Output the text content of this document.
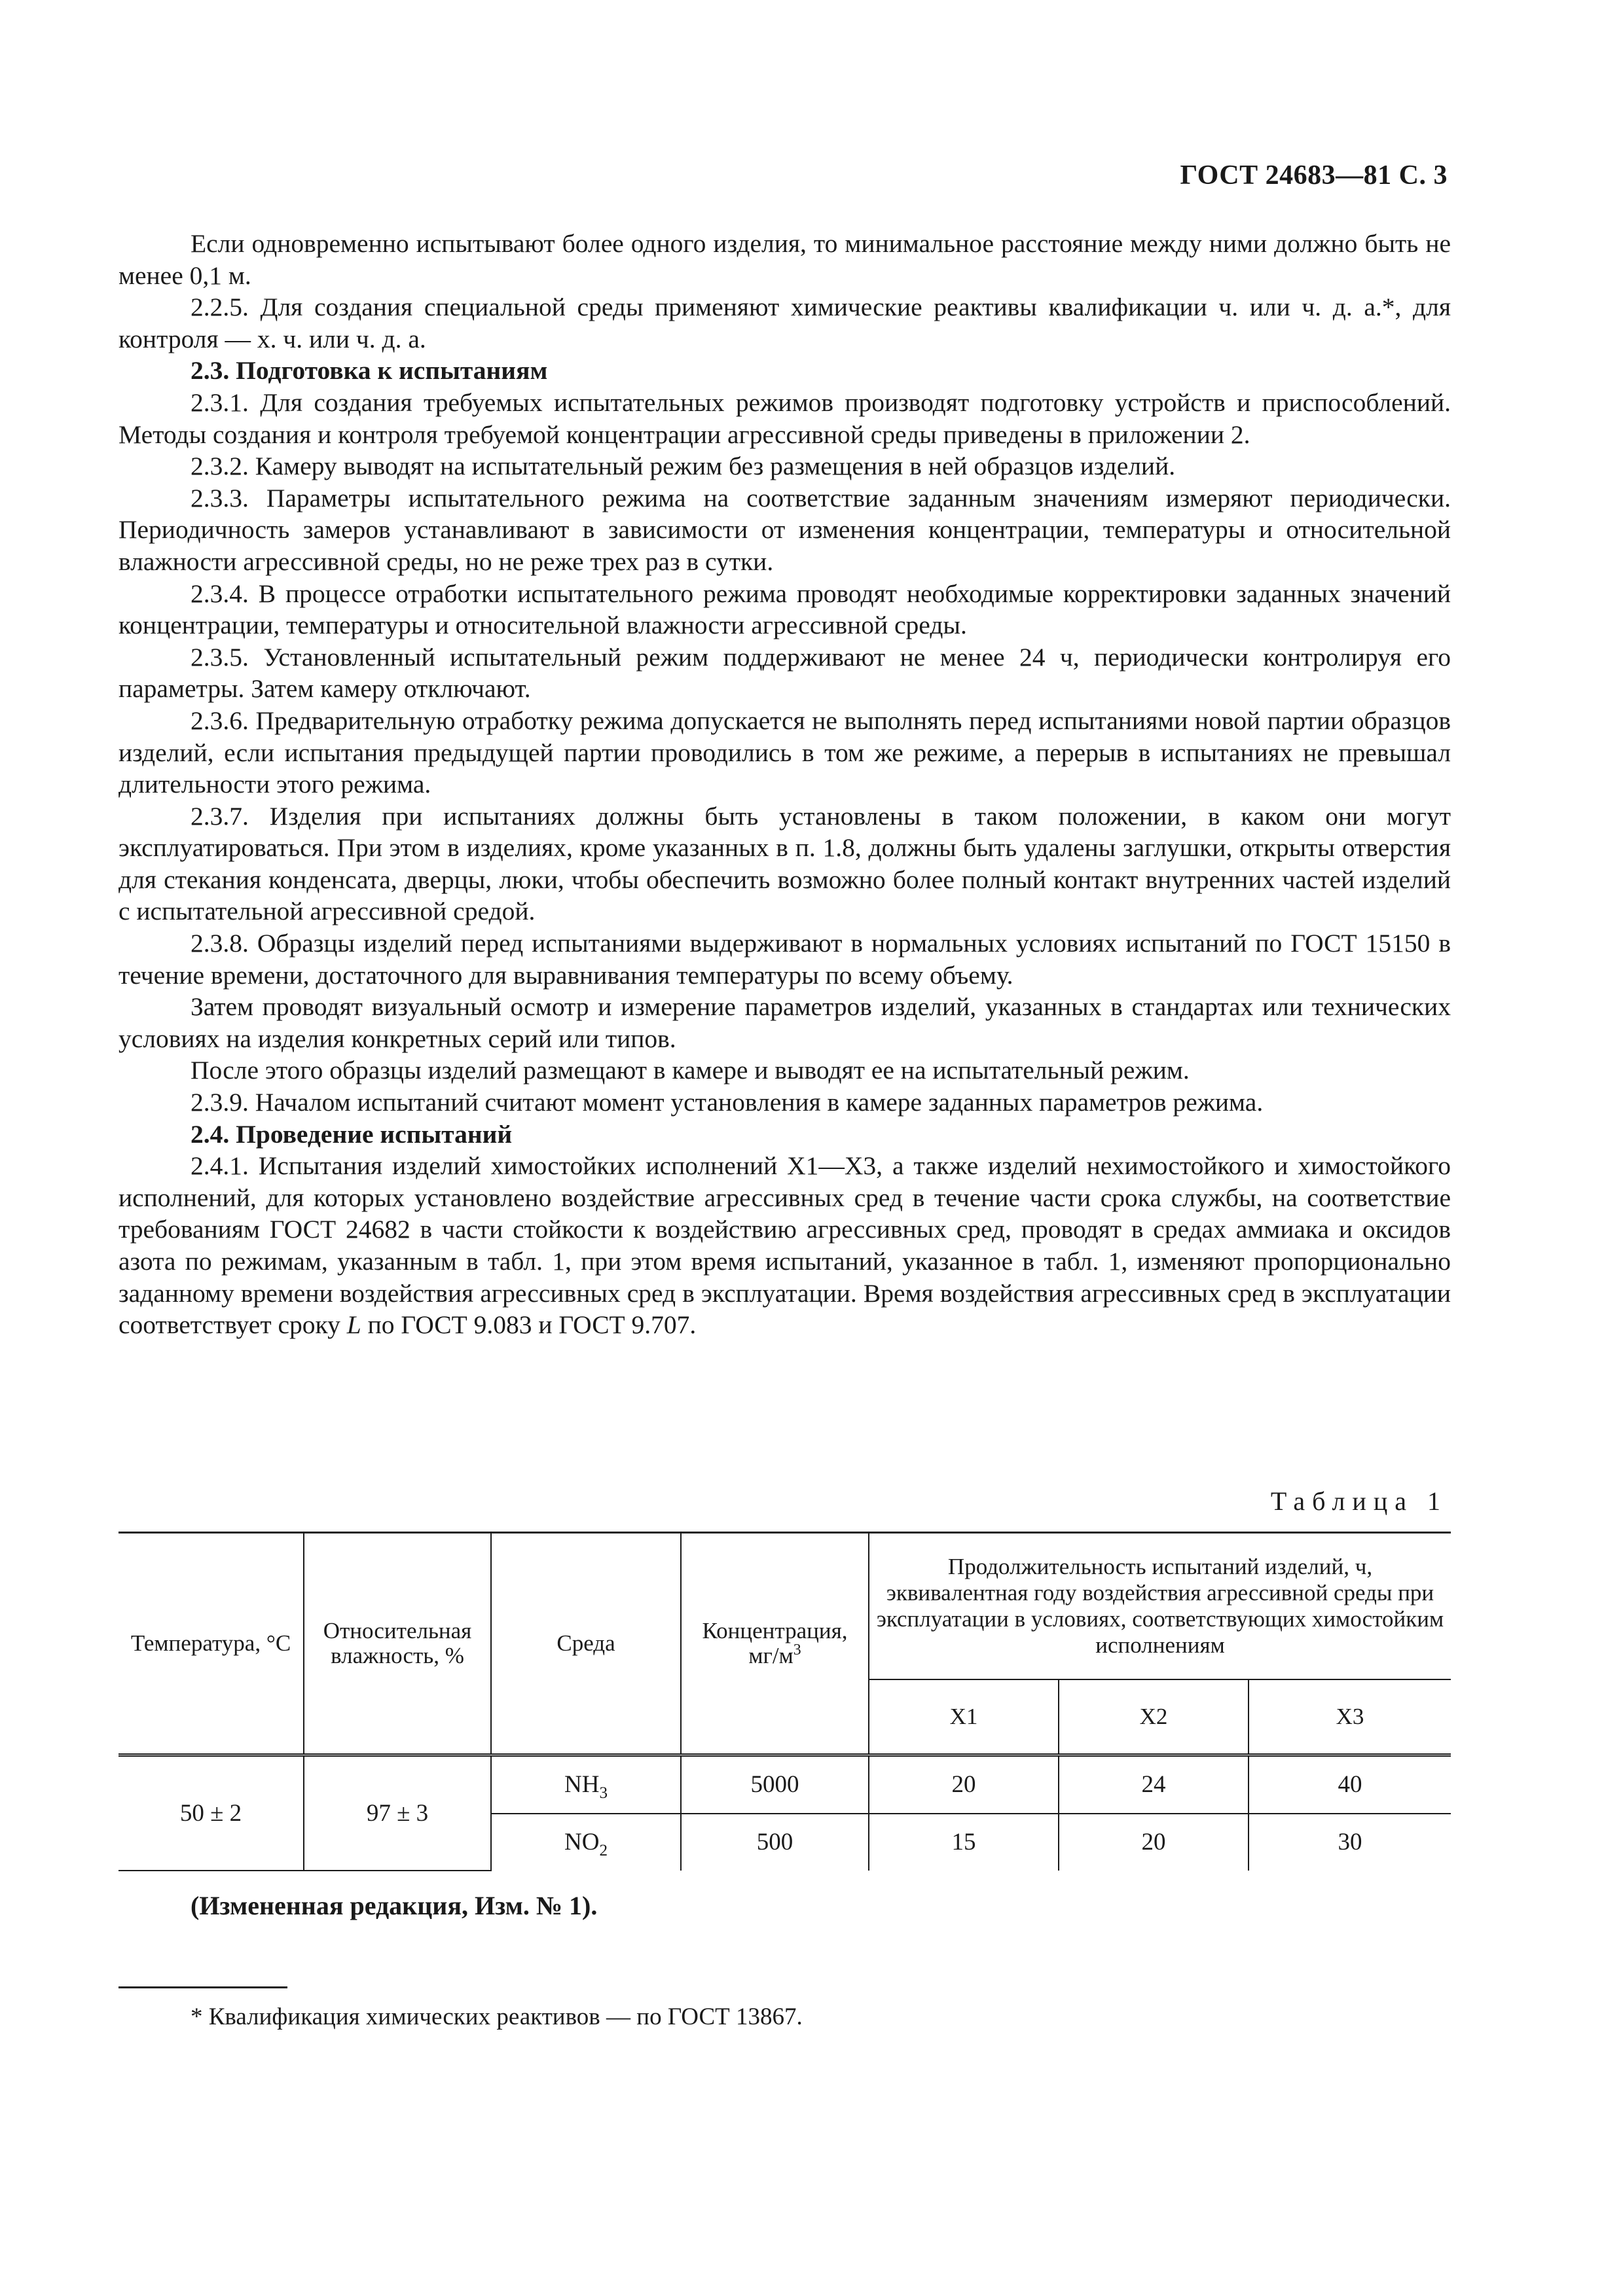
ГОСТ 24683—81 С. 3

Если одновременно испытывают более одного изделия, то минимальное расстояние между ними должно быть не менее 0,1 м.

2.2.5. Для создания специальной среды применяют химические реактивы квалификации ч. или ч. д. а.*, для контроля — х. ч. или ч. д. а.

2.3. Подготовка к испытаниям

2.3.1. Для создания требуемых испытательных режимов производят подготовку устройств и приспособлений. Методы создания и контроля требуемой концентрации агрессивной среды приведены в приложении 2.

2.3.2. Камеру выводят на испытательный режим без размещения в ней образцов изделий.

2.3.3. Параметры испытательного режима на соответствие заданным значениям измеряют периодически. Периодичность замеров устанавливают в зависимости от изменения концентрации, температуры и относительной влажности агрессивной среды, но не реже трех раз в сутки.

2.3.4. В процессе отработки испытательного режима проводят необходимые корректировки заданных значений концентрации, температуры и относительной влажности агрессивной среды.

2.3.5. Установленный испытательный режим поддерживают не менее 24 ч, периодически контролируя его параметры. Затем камеру отключают.

2.3.6. Предварительную отработку режима допускается не выполнять перед испытаниями новой партии образцов изделий, если испытания предыдущей партии проводились в том же режиме, а перерыв в испытаниях не превышал длительности этого режима.

2.3.7. Изделия при испытаниях должны быть установлены в таком положении, в каком они могут эксплуатироваться. При этом в изделиях, кроме указанных в п. 1.8, должны быть удалены заглушки, открыты отверстия для стекания конденсата, дверцы, люки, чтобы обеспечить возможно более полный контакт внутренних частей изделий с испытательной агрессивной средой.

2.3.8. Образцы изделий перед испытаниями выдерживают в нормальных условиях испытаний по ГОСТ 15150 в течение времени, достаточного для выравнивания температуры по всему объему.

Затем проводят визуальный осмотр и измерение параметров изделий, указанных в стандартах или технических условиях на изделия конкретных серий или типов.

После этого образцы изделий размещают в камере и выводят ее на испытательный режим.

2.3.9. Началом испытаний считают момент установления в камере заданных параметров режима.

2.4. Проведение испытаний

2.4.1. Испытания изделий химостойких исполнений Х1—Х3, а также изделий нехимостойкого и химостойкого исполнений, для которых установлено воздействие агрессивных сред в течение части срока службы, на соответствие требованиям ГОСТ 24682 в части стойкости к воздействию агрессивных сред, проводят в средах аммиака и оксидов азота по режимам, указанным в табл. 1, при этом время испытаний, указанное в табл. 1, изменяют пропорционально заданному времени воздействия агрессивных сред в эксплуатации. Время воздействия агрессивных сред в эксплуатации соответствует сроку L по ГОСТ 9.083 и ГОСТ 9.707.

Таблица 1
Температура, °С	Относительная влажность, %	Среда	Концентрация, $мг/м^3$	Продолжительность испытаний изделий, ч, эквивалентная году воздействия агрессивной среды при эксплуатации в условиях, соответствующих химостойким исполнениям		
				Х1	Х2	Х3
50 ± 2	97 ± 3	$NH_3$	5000	20	24	40
		$NO_2$	500	15	20	30
(Измененная редакция, Изм. № 1).
* Квалификация химических реактивов — по ГОСТ 13867.
